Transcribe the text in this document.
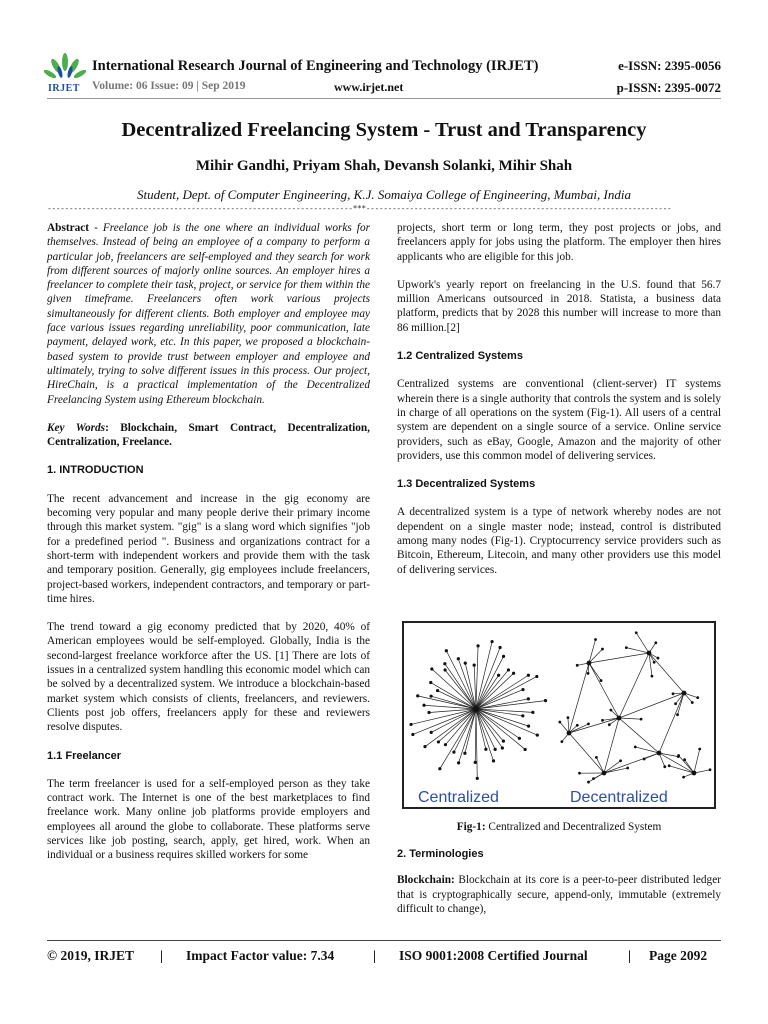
IRJET
International Research Journal of Engineering and Technology (IRJET)	e-ISSN: 2395-0056
Volume: 06 Issue: 09 | Sep 2019	www.irjet.net	p-ISSN: 2395-0072
Decentralized Freelancing System - Trust and Transparency
Mihir Gandhi, Priyam Shah, Devansh Solanki, Mihir Shah
Student, Dept. of Computer Engineering, K.J. Somaiya College of Engineering, Mumbai, India
----------------------------------------------------------------------***----------------------------------------------------------------------

Abstract - Freelance job is the one where an individual works for themselves. Instead of being an employee of a company to perform a particular job, freelancers are self-employed and they search for work from different sources of majorly online sources. An employer hires a freelancer to complete their task, project, or service for them within the given timeframe. Freelancers often work various projects simultaneously for different clients. Both employer and employee may face various issues regarding unreliability, poor communication, late payment, delayed work, etc. In this paper, we proposed a blockchain-based system to provide trust between employer and employee and ultimately, trying to solve different issues in this process. Our project, HireChain, is a practical implementation of the Decentralized Freelancing System using Ethereum blockchain.

Key Words: Blockchain, Smart Contract, Decentralization, Centralization, Freelance.

1. INTRODUCTION

The recent advancement and increase in the gig economy are becoming very popular and many people derive their primary income through this market system. "gig" is a slang word which signifies "job for a predefined period ". Business and organizations contract for a short-term with independent workers and provide them with the task and temporary position. Generally, gig employees include freelancers, project-based workers, independent contractors, and temporary or part-time hires.

The trend toward a gig economy predicted that by 2020, 40% of American employees would be self-employed. Globally, India is the second-largest freelance workforce after the US. [1] There are lots of issues in a centralized system handling this economic model which can be solved by a decentralized system. We introduce a blockchain-based market system which consists of clients, freelancers, and reviewers. Clients post job offers, freelancers apply for these and reviewers resolve disputes.

1.1 Freelancer

The term freelancer is used for a self-employed person as they take contract work. The Internet is one of the best marketplaces to find freelance work. Many online job platforms provide employers and employees all around the globe to collaborate. These platforms serve services like job posting, search, apply, get hired, work. When an individual or a business requires skilled workers for some

projects, short term or long term, they post projects or jobs, and freelancers apply for jobs using the platform. The employer then hires applicants who are eligible for this job.

Upwork's yearly report on freelancing in the U.S. found that 56.7 million Americans outsourced in 2018. Statista, a business data platform, predicts that by 2028 this number will increase to more than 86 million.[2]

1.2 Centralized Systems

Centralized systems are conventional (client-server) IT systems wherein there is a single authority that controls the system and is solely in charge of all operations on the system (Fig-1). All users of a central system are dependent on a single source of a service. Online service providers, such as eBay, Google, Amazon and the majority of other providers, use this common model of delivering services.

1.3 Decentralized Systems

A decentralized system is a type of network whereby nodes are not dependent on a single master node; instead, control is distributed among many nodes (Fig-1). Cryptocurrency service providers such as Bitcoin, Ethereum, Litecoin, and many other providers use this model of delivering services.

Centralized	Decentralized
Fig-1: Centralized and Decentralized System
2. Terminologies

Blockchain: Blockchain at its core is a peer-to-peer distributed ledger that is cryptographically secure, append-only, immutable (extremely difficult to change),

© 2019, IRJET | Impact Factor value: 7.34	| ISO 9001:2008 Certified Journal	| Page 2092
